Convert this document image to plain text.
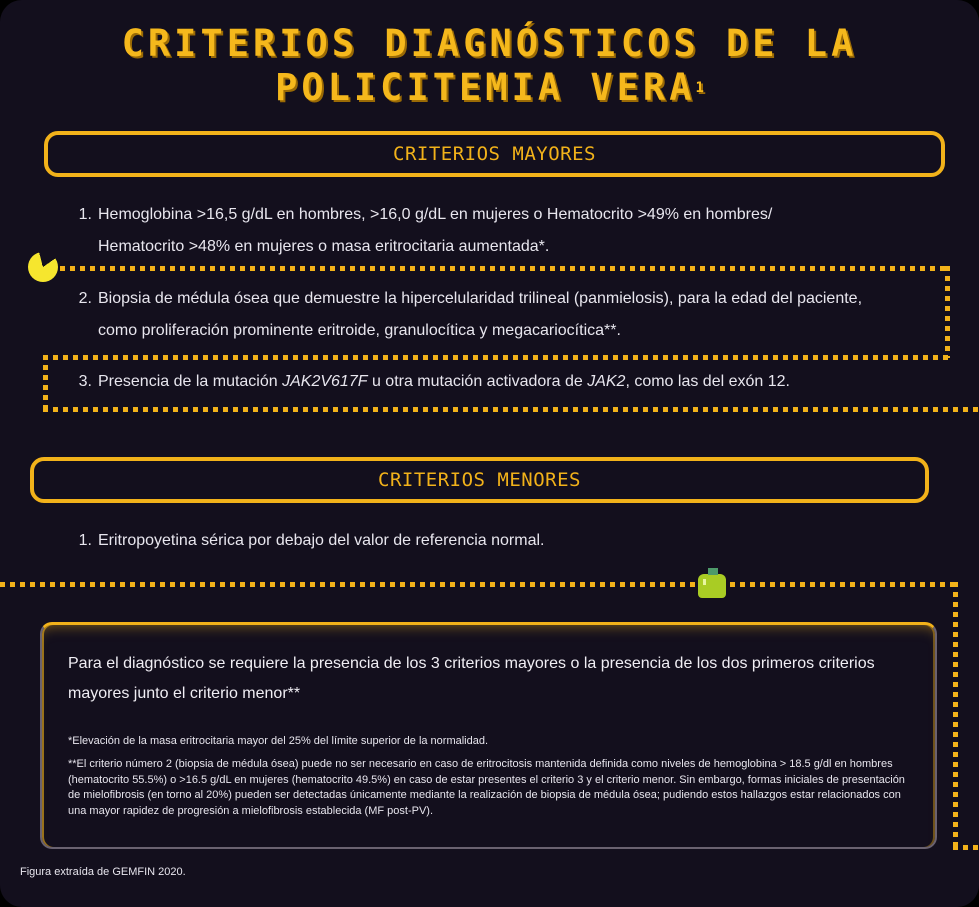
CRITERIOS DIAGNÓSTICOS DE LA
POLICITEMIA VERA$^1$
CRITERIOS MAYORES
1. Hemoglobina >16,5 g/dL en hombres, >16,0 g/dL en mujeres o Hematocrito >49% en hombres/ Hematocrito >48% en mujeres o masa eritrocitaria aumentada*.
2. Biopsia de médula ósea que demuestre la hipercelularidad trilineal (panmielosis), para la edad del paciente, como proliferación prominente eritroide, granulocítica y megacariocítica**.
3. Presencia de la mutación JAK2V617F u otra mutación activadora de JAK2, como las del exón 12.
CRITERIOS MENORES
1. Eritropoyetina sérica por debajo del valor de referencia normal.
Para el diagnóstico se requiere la presencia de los 3 criterios mayores o la presencia de los dos primeros criterios mayores junto el criterio menor**
*Elevación de la masa eritrocitaria mayor del 25% del límite superior de la normalidad.
**El criterio número 2 (biopsia de médula ósea) puede no ser necesario en caso de eritrocitosis mantenida definida como niveles de hemoglobina > 18.5 g/dl en hombres (hematocrito 55.5%) o >16.5 g/dL en mujeres (hematocrito 49.5%) en caso de estar presentes el criterio 3 y el criterio menor. Sin embargo, formas iniciales de presentación de mielofibrosis (en torno al 20%) pueden ser detectadas únicamente mediante la realización de biopsia de médula ósea; pudiendo estos hallazgos estar relacionados con una mayor rapidez de progresión a mielofibrosis establecida (MF post-PV).
Figura extraída de GEMFIN 2020.
